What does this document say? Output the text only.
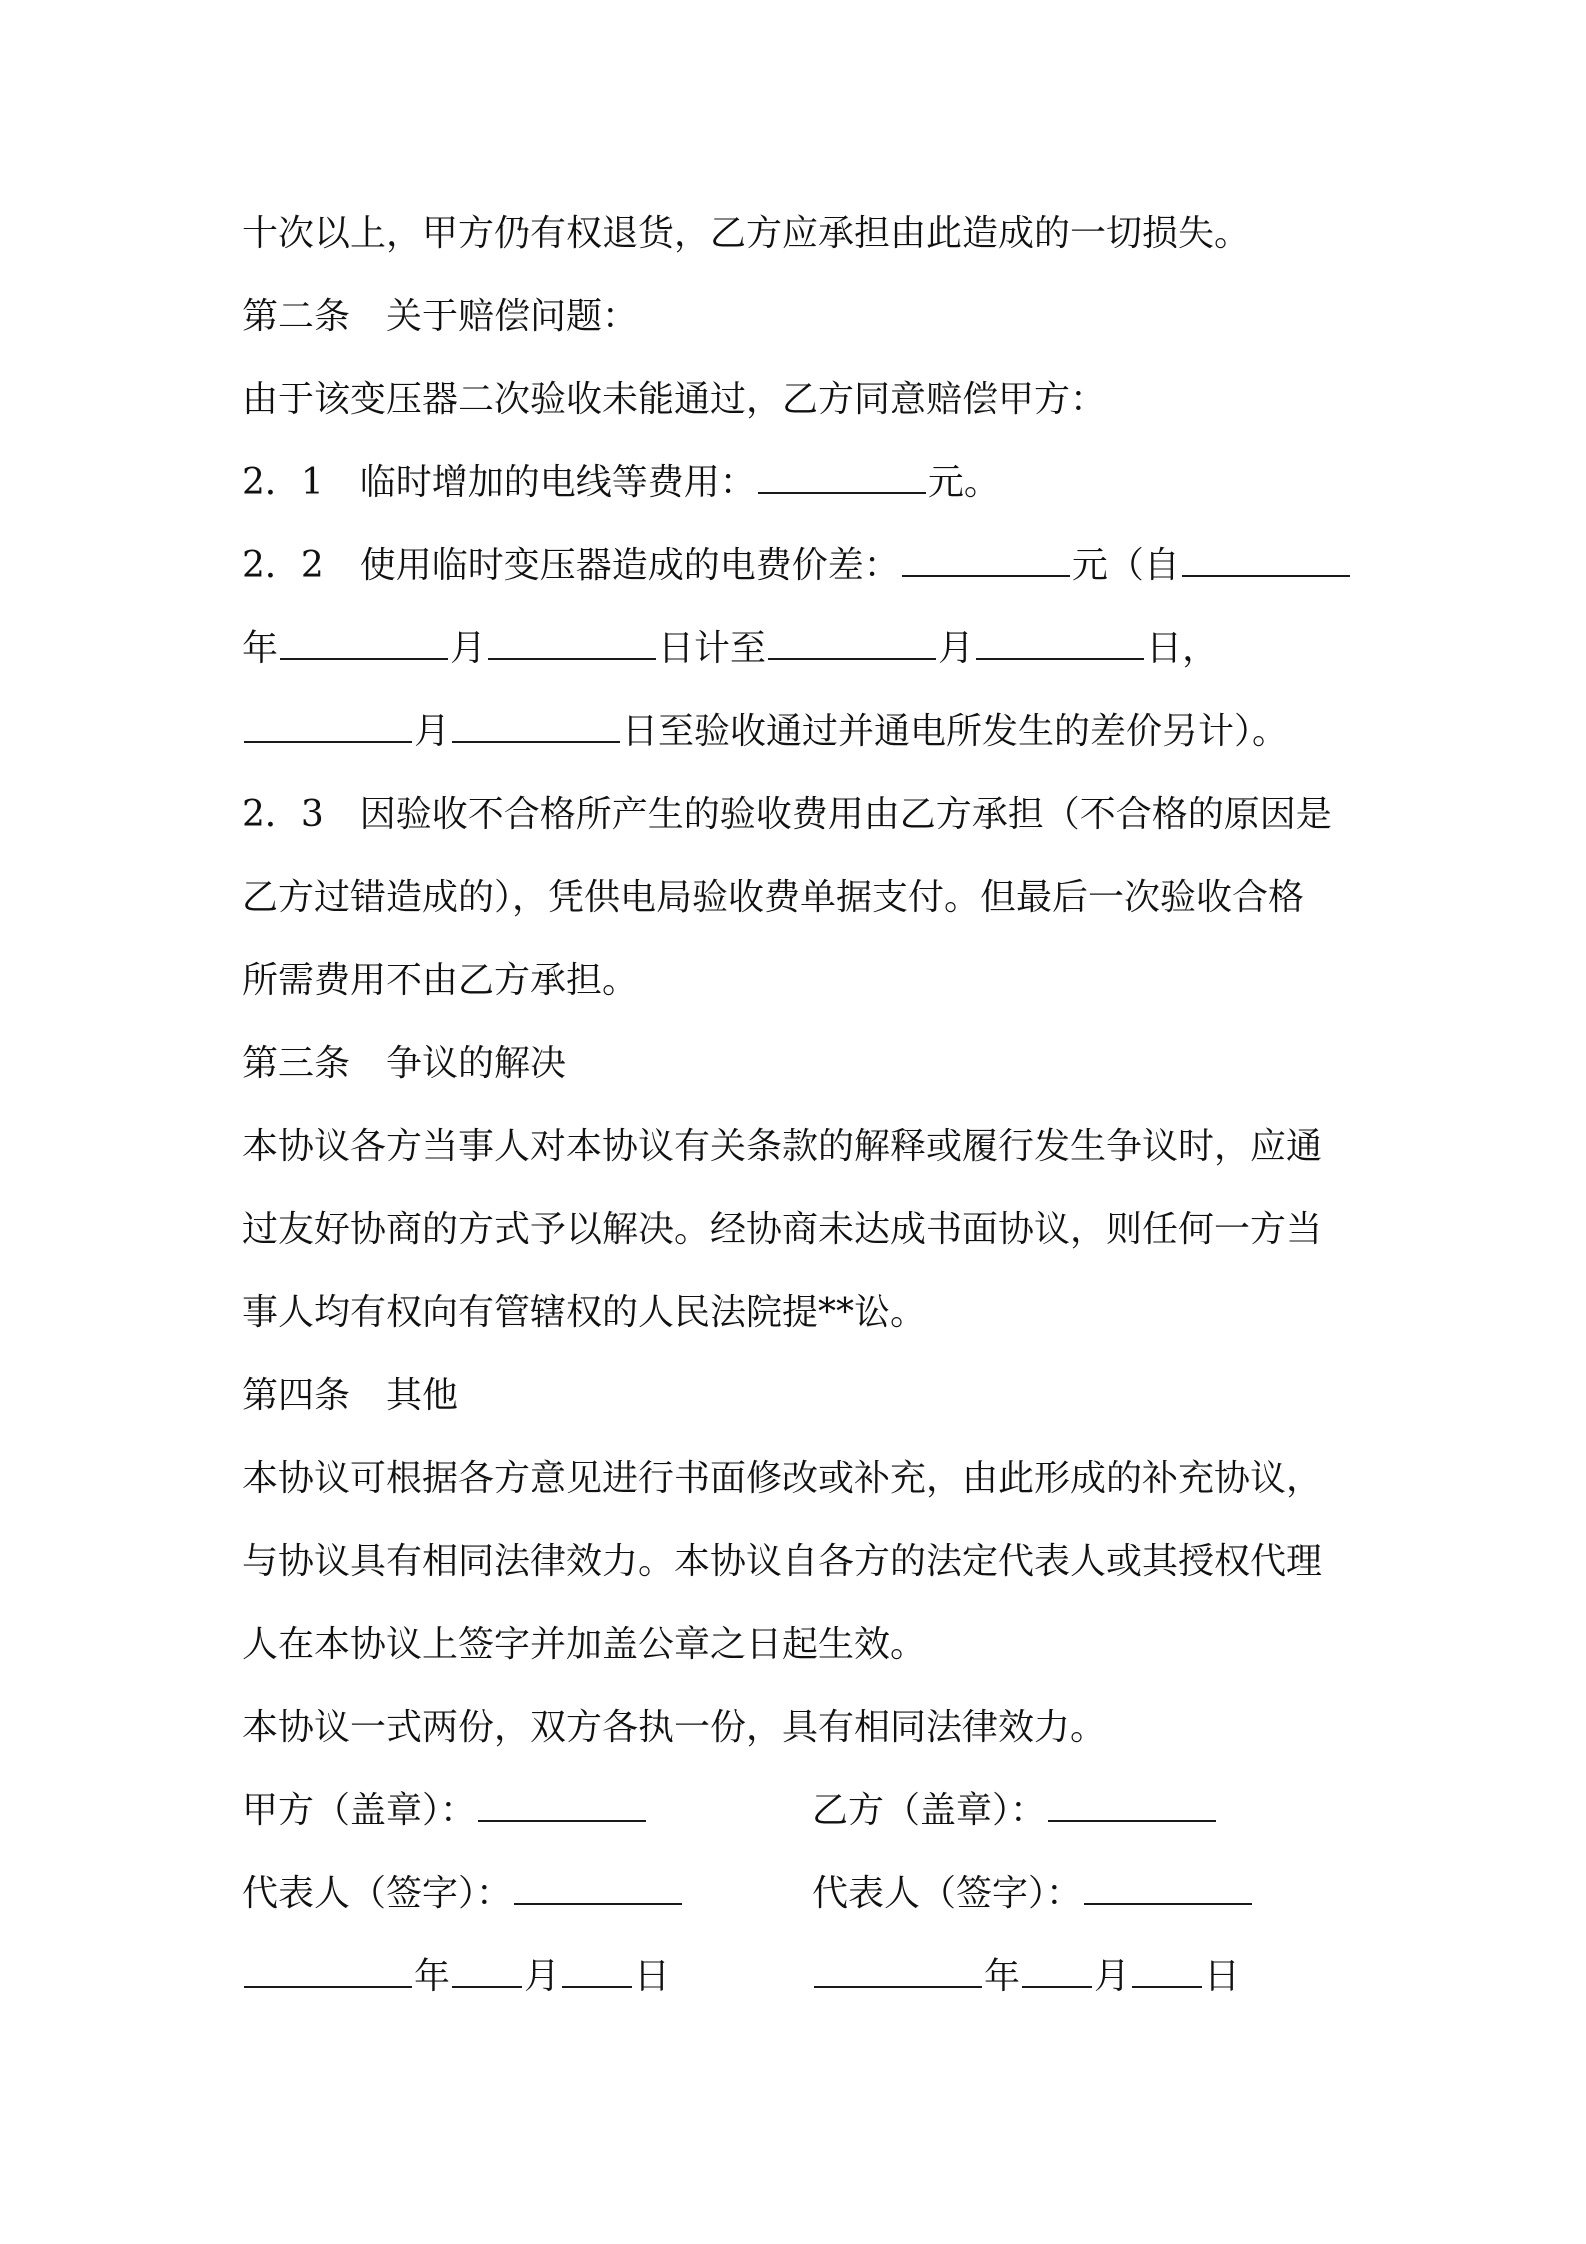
十次以上，甲方仍有权退货，乙方应承担由此造成的一切损失。
第二条　关于赔偿问题：
由于该变压器二次验收未能通过，乙方同意赔偿甲方：
2．1　临时增加的电线等费用：	元。
2．2　使用临时变压器造成的电费价差：	元（自
年	月	日计至	月	日，
月	日至验收通过并通电所发生的差价另计）。
2．3　因验收不合格所产生的验收费用由乙方承担（不合格的原因是
乙方过错造成的），凭供电局验收费单据支付。但最后一次验收合格
所需费用不由乙方承担。
第三条　争议的解决
本协议各方当事人对本协议有关条款的解释或履行发生争议时，应通
过友好协商的方式予以解决。经协商未达成书面协议，则任何一方当
事人均有权向有管辖权的人民法院提**讼。
第四条　其他
本协议可根据各方意见进行书面修改或补充，由此形成的补充协议，
与协议具有相同法律效力。本协议自各方的法定代表人或其授权代理
人在本协议上签字并加盖公章之日起生效。
本协议一式两份，双方各执一份，具有相同法律效力。
甲方（盖章）：	乙方（盖章）：
代表人（签字）：	代表人（签字）：
年 月 日	年 月 日
